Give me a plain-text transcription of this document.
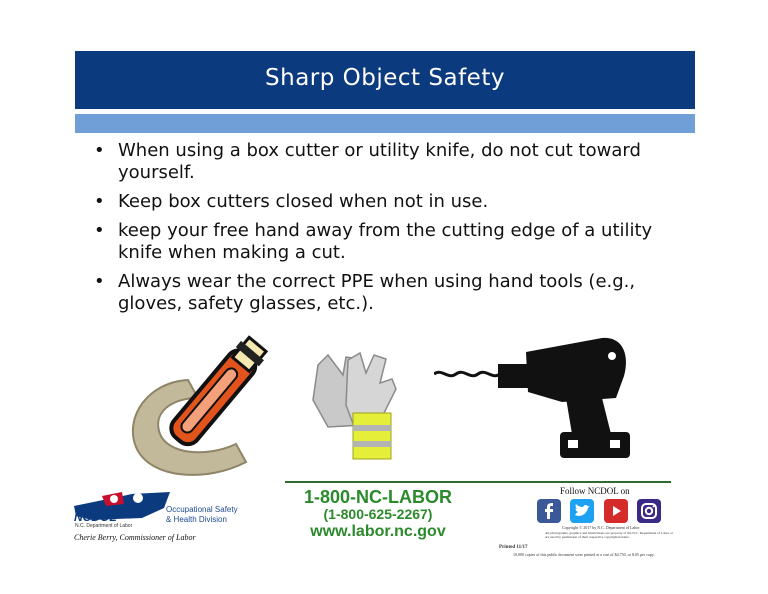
Sharp Object Safety
• When using a box cutter or utility knife, do not cut toward yourself.
• Keep box cutters closed when not in use.
• keep your free hand away from the cutting edge of a utility knife when making a cut.
• Always wear the correct PPE when using hand tools (e.g., gloves, safety glasses, etc.).
NCDOL
N.C. Department of Labor
Occupational Safety
& Health Division
Cherie Berry, Commissioner of Labor
1-800-NC-LABOR
(1-800-625-2267)
www.labor.nc.gov
Follow NCDOL on
Copyright © 2017 by N.C. Department of Labor
All photographs, graphics and illustrations are property of the N.C. Department of Labor or are used by permission of their respective copyright holders.
Printed 11/17
10,000 copies of this public document were printed at a cost of $4,750, or $.05 per copy.
